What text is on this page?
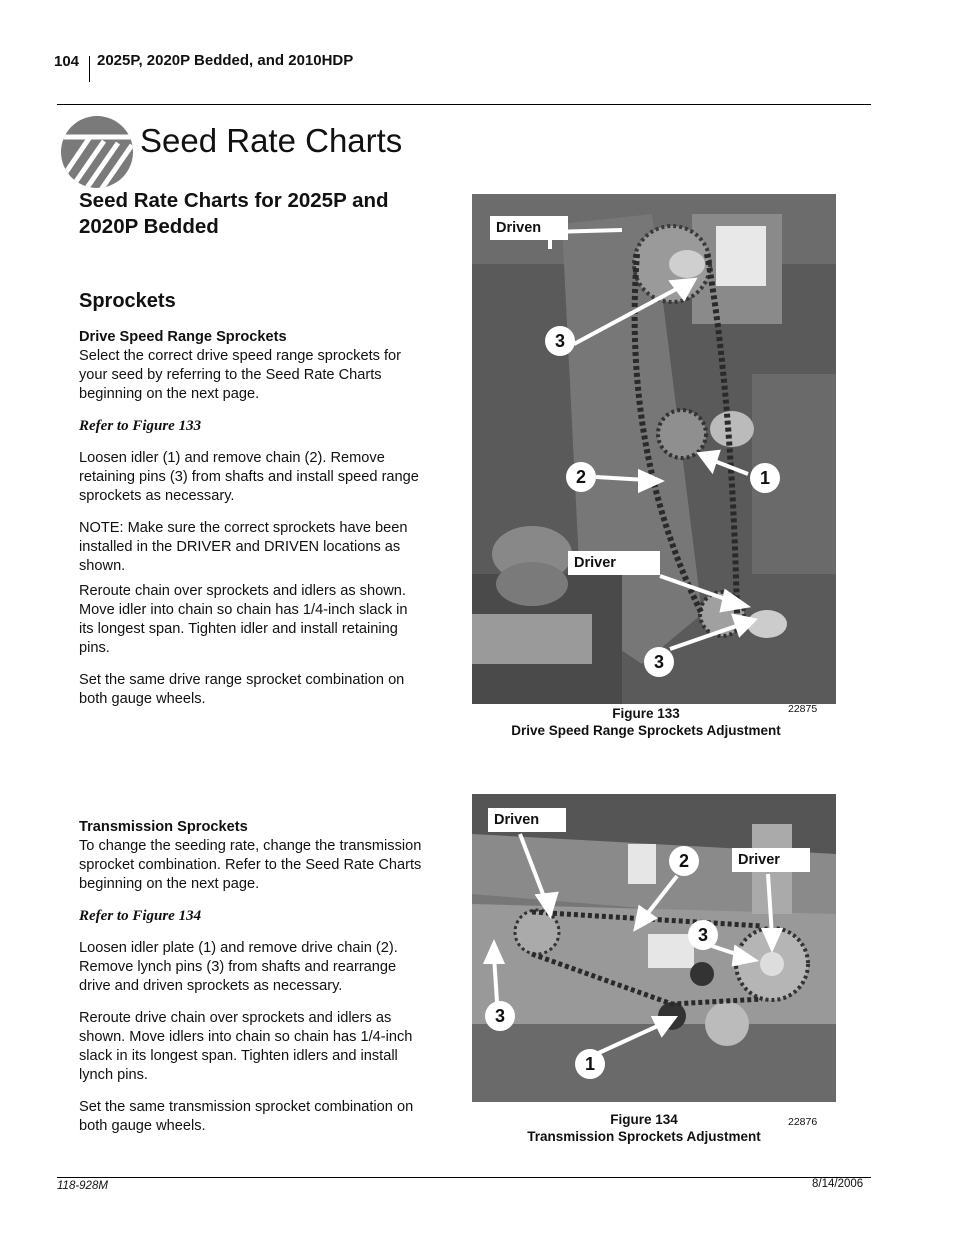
104 2025P, 2020P Bedded, and 2010HDP
Seed Rate Charts
Seed Rate Charts for 2025P and 2020P Bedded
Sprockets

Drive Speed Range Sprockets

Select the correct drive speed range sprockets for your seed by referring to the Seed Rate Charts beginning on the next page.

Refer to Figure 133

Loosen idler (1) and remove chain (2). Remove retaining pins (3) from shafts and install speed range sprockets as necessary.

NOTE: Make sure the correct sprockets have been installed in the DRIVER and DRIVEN locations as shown.

Reroute chain over sprockets and idlers as shown. Move idler into chain so chain has 1/4-inch slack in its longest span. Tighten idler and install retaining pins.

Set the same drive range sprocket combination on both gauge wheels.

Transmission Sprockets

To change the seeding rate, change the transmission sprocket combination. Refer to the Seed Rate Charts beginning on the next page.

Refer to Figure 134

Loosen idler plate (1) and remove drive chain (2). Remove lynch pins (3) from shafts and rearrange drive and driven sprockets as necessary.

Reroute drive chain over sprockets and idlers as shown. Move idlers into chain so chain has 1/4-inch slack in its longest span. Tighten idlers and install lynch pins.

Set the same transmission sprocket combination on both gauge wheels.

Driven
Driver
3
2	1
3
22875
Figure 133
Drive Speed Range Sprockets Adjustment
Driven
Driver
2
3
3
1
22876
Figure 134
Transmission Sprockets Adjustment
118-928M	8/14/2006
